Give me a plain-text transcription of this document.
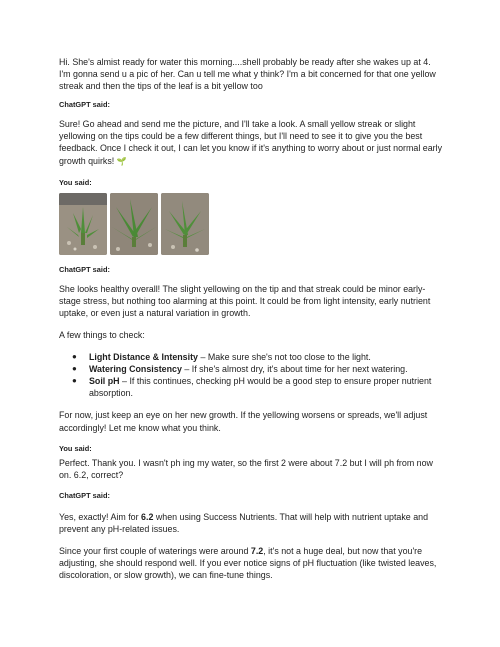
Hi. She's almist ready for water this morning....shell probably be ready after she wakes up at 4. I'm gonna send u a pic of her. Can u tell me what y think? I'm a bit concerned for that one yellow streak and then the tips of the leaf is a bit yellow too

ChatGPT said:

Sure! Go ahead and send me the picture, and I'll take a look. A small yellow streak or slight yellowing on the tips could be a few different things, but I'll need to see it to give you the best feedback. Once I check it out, I can let you know if it's anything to worry about or just normal early growth quirks! 🌱

You said:

ChatGPT said:

She looks healthy overall! The slight yellowing on the tip and that streak could be minor early-stage stress, but nothing too alarming at this point. It could be from light intensity, early nutrient uptake, or even just a natural variation in growth.

A few things to check:

● Light Distance & Intensity – Make sure she's not too close to the light.
● Watering Consistency – If she's almost dry, it's about time for her next watering.
● Soil pH – If this continues, checking pH would be a good step to ensure proper nutrient absorption.

For now, just keep an eye on her new growth. If the yellowing worsens or spreads, we'll adjust accordingly! Let me know what you think.

You said:

Perfect. Thank you. I wasn't ph ing my water, so the first 2 were about 7.2 but I will ph from now on. 6.2, correct?

ChatGPT said:

Yes, exactly! Aim for 6.2 when using Success Nutrients. That will help with nutrient uptake and prevent any pH-related issues.

Since your first couple of waterings were around 7.2, it's not a huge deal, but now that you're adjusting, she should respond well. If you ever notice signs of pH fluctuation (like twisted leaves, discoloration, or slow growth), we can fine-tune things.
